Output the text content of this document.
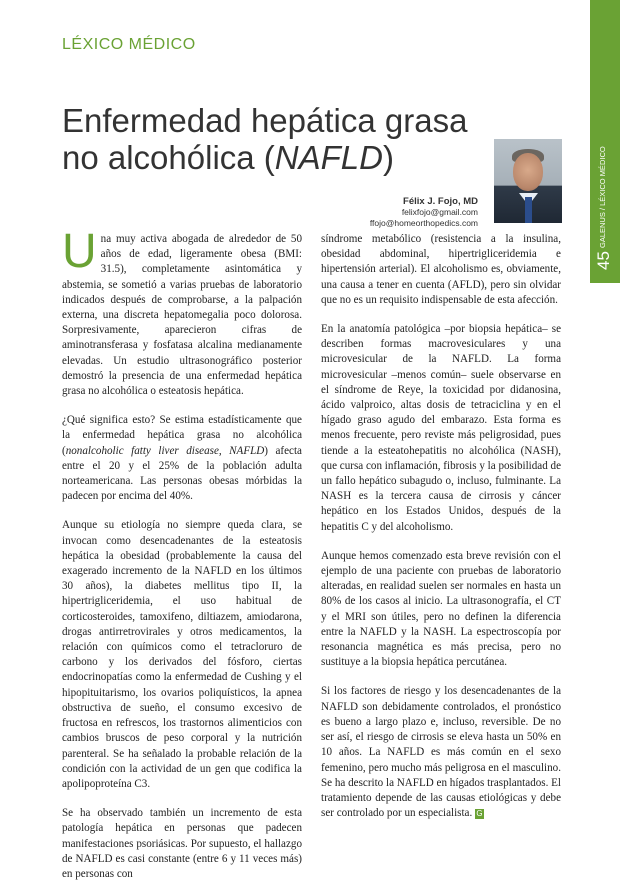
LÉXICO MÉDICO
Enfermedad hepática grasa
no alcohólica (NAFLD)
Félix J. Fojo, MD
felixfojo@gmail.com
ffojo@homeorthopedics.com	GALENUS / LÉXICO MÉDICO
45

Una muy activa abogada de alrededor de 50 años de edad, ligeramente obesa (BMI: 31.5), completamente asintomática y abstemia, se sometió a varias pruebas de laboratorio indicados después de comprobarse, a la palpación externa, una discreta hepatomegalia poco dolorosa. Sorpresivamente, aparecieron cifras de aminotransferasa y fosfatasa alcalina medianamente elevadas. Un estudio ultrasonográfico posterior demostró la presencia de una enfermedad hepática grasa no alcohólica o esteatosis hepática.

¿Qué significa esto? Se estima estadísticamente que la enfermedad hepática grasa no alcohólica (nonalcoholic fatty liver disease, NAFLD) afecta entre el 20 y el 25% de la población adulta norteamericana. Las personas obesas mórbidas la padecen por encima del 40%.

Aunque su etiología no siempre queda clara, se invocan como desencadenantes de la esteatosis hepática la obesidad (probablemente la causa del exagerado incremento de la NAFLD en los últimos 30 años), la diabetes mellitus tipo II, la hipertrigliceridemia, el uso habitual de corticosteroides, tamoxifeno, diltiazem, amiodarona, drogas antirretrovirales y otros medicamentos, la relación con químicos como el tetracloruro de carbono y los derivados del fósforo, ciertas endocrinopatías como la enfermedad de Cushing y el hipopituitarismo, los ovarios poliquísticos, la apnea obstructiva de sueño, el consumo excesivo de fructosa en refrescos, los trastornos alimenticios con cambios bruscos de peso corporal y la nutrición parenteral. Se ha señalado la probable relación de la condición con la actividad de un gen que codifica la apolipoproteína C3.

Se ha observado también un incremento de esta patología hepática en personas que padecen manifestaciones psoriásicas. Por supuesto, el hallazgo de NAFLD es casi constante (entre 6 y 11 veces más) en personas con

síndrome metabólico (resistencia a la insulina, obesidad abdominal, hipertrigliceridemia e hipertensión arterial). El alcoholismo es, obviamente, una causa a tener en cuenta (AFLD), pero sin olvidar que no es un requisito indispensable de esta afección.

En la anatomía patológica –por biopsia hepática– se describen formas macrovesiculares y una microvesicular de la NAFLD. La forma microvesicular –menos común– suele observarse en el síndrome de Reye, la toxicidad por didanosina, ácido valproico, altas dosis de tetraciclina y en el hígado graso agudo del embarazo. Esta forma es menos frecuente, pero reviste más peligrosidad, pues tiende a la esteatohepatitis no alcohólica (NASH), que cursa con inflamación, fibrosis y la posibilidad de un fallo hepático subagudo o, incluso, fulminante. La NASH es la tercera causa de cirrosis y cáncer hepático en los Estados Unidos, después de la hepatitis C y del alcoholismo.

Aunque hemos comenzado esta breve revisión con el ejemplo de una paciente con pruebas de laboratorio alteradas, en realidad suelen ser normales en hasta un 80% de los casos al inicio. La ultrasonografía, el CT y el MRI son útiles, pero no definen la diferencia entre la NAFLD y la NASH. La espectroscopía por resonancia magnética es más precisa, pero no sustituye a la biopsia hepática percutánea.

Si los factores de riesgo y los desencadenantes de la NAFLD son debidamente controlados, el pronóstico es bueno a largo plazo e, incluso, reversible. De no ser así, el riesgo de cirrosis se eleva hasta un 50% en 10 años. La NAFLD es más común en el sexo femenino, pero mucho más peligrosa en el masculino. Se ha descrito la NAFLD en hígados trasplantados. El tratamiento depende de las causas etiológicas y debe ser controlado por un especialista. G
